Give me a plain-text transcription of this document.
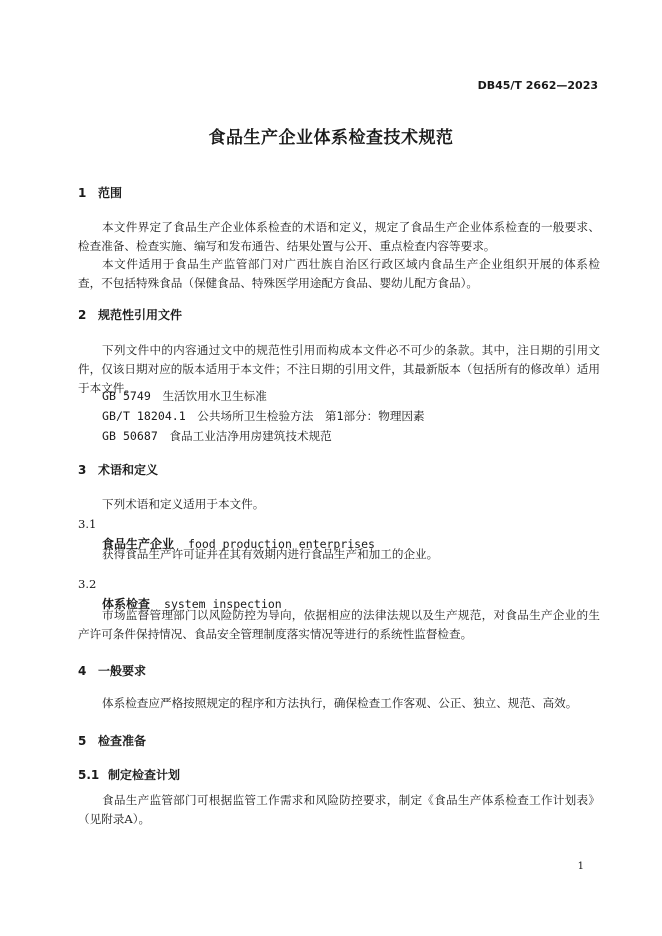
DB45/T 2662—2023
食品生产企业体系检查技术规范
1 范围
本文件界定了食品生产企业体系检查的术语和定义，规定了食品生产企业体系检查的一般要求、检查准备、检查实施、编写和发布通告、结果处置与公开、重点检查内容等要求。
本文件适用于食品生产监管部门对广西壮族自治区行政区域内食品生产企业组织开展的体系检查，不包括特殊食品（保健食品、特殊医学用途配方食品、婴幼儿配方食品）。
2 规范性引用文件
下列文件中的内容通过文中的规范性引用而构成本文件必不可少的条款。其中，注日期的引用文件，仅该日期对应的版本适用于本文件；不注日期的引用文件，其最新版本（包括所有的修改单）适用于本文件。
GB 5749　生活饮用水卫生标准
GB/T 18204.1　公共场所卫生检验方法　第1部分：物理因素
GB 50687　食品工业洁净用房建筑技术规范
3 术语和定义
下列术语和定义适用于本文件。
3.1
食品生产企业 food production enterprises
获得食品生产许可证并在其有效期内进行食品生产和加工的企业。
3.2
体系检查 system inspection
市场监督管理部门以风险防控为导向，依据相应的法律法规以及生产规范，对食品生产企业的生产许可条件保持情况、食品安全管理制度落实情况等进行的系统性监督检查。
4 一般要求
体系检查应严格按照规定的程序和方法执行，确保检查工作客观、公正、独立、规范、高效。
5 检查准备
5.1 制定检查计划
食品生产监管部门可根据监管工作需求和风险防控要求，制定《食品生产体系检查工作计划表》（见附录A）。
1
